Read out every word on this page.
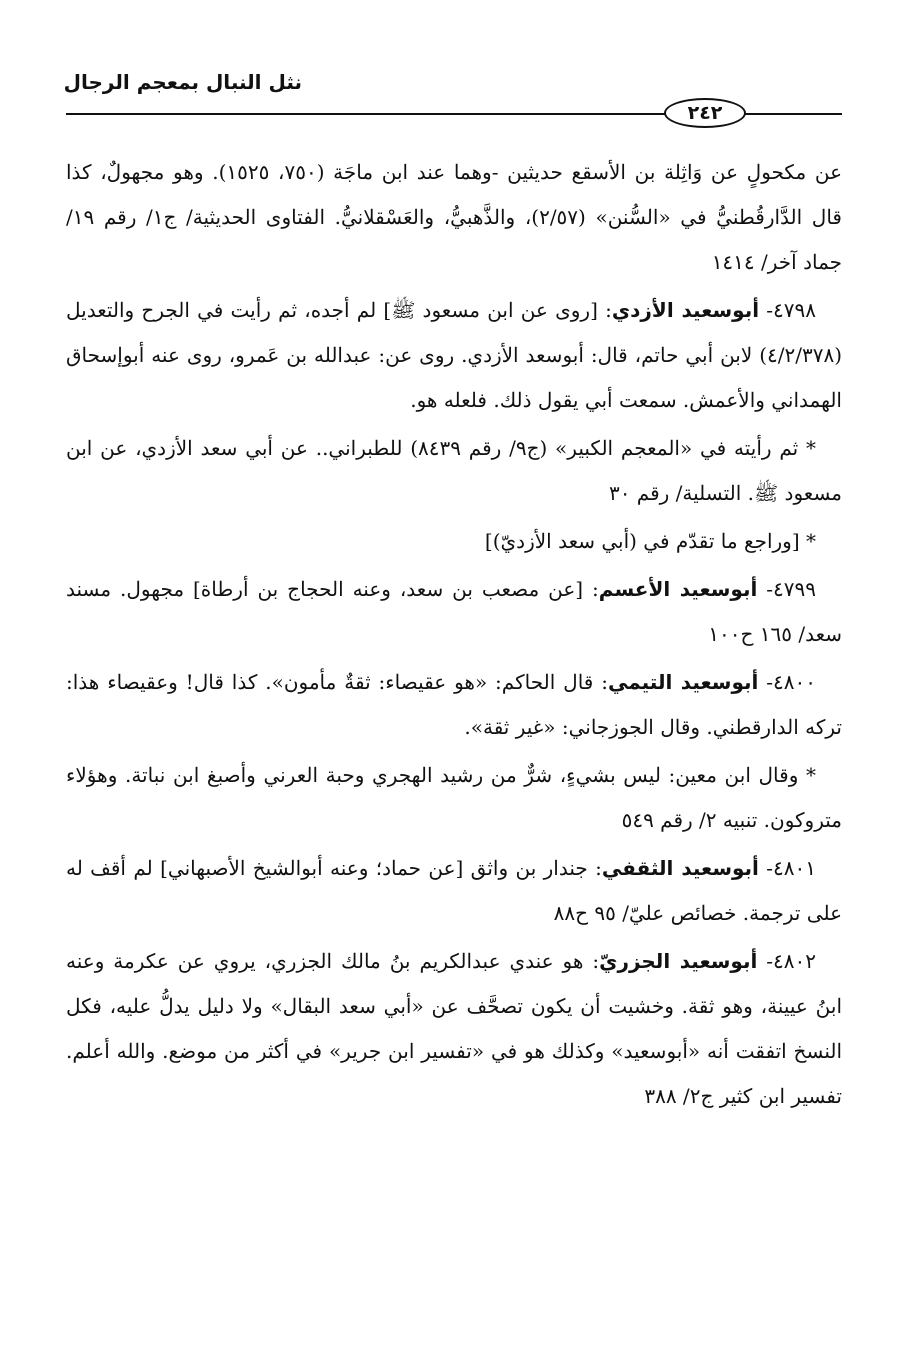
نثل النبال بمعجم الرجال
٢٤٢

عن مكحولٍ عن وَاثِلة بن الأسقع حديثين -وهما عند ابن ماجَة (٧٥٠، ١٥٢٥). وهو مجهولٌ، كذا قال الدَّارقُطنيُّ في «السُّنن» (٢/٥٧)، والذَّهبيُّ، والعَسْقلانيُّ. الفتاوى الحديثية/ ج١/ رقم ١٩/ جماد آخر/ ١٤١٤

٤٧٩٨- أبوسعيد الأزدي: [روى عن ابن مسعود ﷺ] لم أجده، ثم رأيت في الجرح والتعديل (٤/٢/٣٧٨) لابن أبي حاتم، قال: أبوسعد الأزدي. روى عن: عبدالله بن عَمرو، روى عنه أبوإسحاق الهمداني والأعمش. سمعت أبي يقول ذلك. فلعله هو.

* ثم رأيته في «المعجم الكبير» (ج٩/ رقم ٨٤٣٩) للطبراني.. عن أبي سعد الأزدي، عن ابن مسعود ﷺ. التسلية/ رقم ٣٠

* [وراجع ما تقدّم في (أبي سعد الأزديّ)]

٤٧٩٩- أبوسعيد الأعسم: [عن مصعب بن سعد، وعنه الحجاج بن أرطاة] مجهول. مسند سعد/ ١٦٥ ح١٠٠

٤٨٠٠- أبوسعيد التيمي: قال الحاكم: «هو عقيصاء: ثقةٌ مأمون». كذا قال! وعقيصاء هذا: تركه الدارقطني. وقال الجوزجاني: «غير ثقة».

* وقال ابن معين: ليس بشيءٍ، شرٌّ من رشيد الهجري وحبة العرني وأصبغ ابن نباتة. وهؤلاء متروكون. تنبيه ٢/ رقم ٥٤٩

٤٨٠١- أبوسعيد الثقفي: جندار بن واثق [عن حماد؛ وعنه أبوالشيخ الأصبهاني] لم أقف له على ترجمة. خصائص عليّ/ ٩٥ ح٨٨

٤٨٠٢- أبوسعيد الجزريّ: هو عندي عبدالكريم بنُ مالك الجزري، يروي عن عكرمة وعنه ابنُ عيينة، وهو ثقة. وخشيت أن يكون تصحَّف عن «أبي سعد البقال» ولا دليل يدلُّ عليه، فكل النسخ اتفقت أنه «أبوسعيد» وكذلك هو في «تفسير ابن جرير» في أكثر من موضع. والله أعلم. تفسير ابن كثير ج٢/ ٣٨٨
